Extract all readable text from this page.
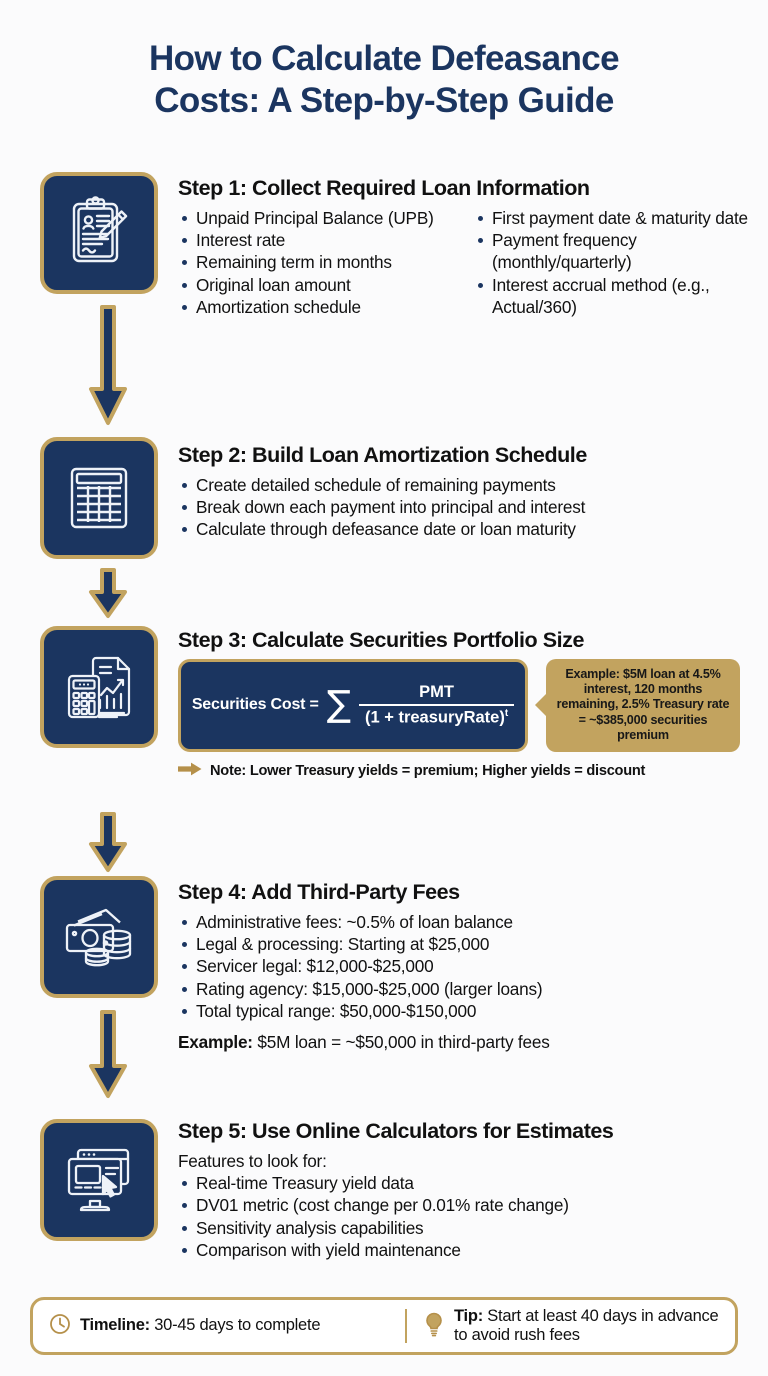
How to Calculate Defeasance
Costs: A Step-by-Step Guide
Step 1: Collect Required Loan Information
Unpaid Principal Balance (UPB)
Interest rate
Remaining term in months
Original loan amount
Amortization schedule
First payment date & maturity date
Payment frequency (monthly/quarterly)
Interest accrual method (e.g., Actual/360)
Step 2: Build Loan Amortization Schedule
Create detailed schedule of remaining payments
Break down each payment into principal and interest
Calculate through defeasance date or loan maturity
Step 3: Calculate Securities Portfolio Size
Securities Cost = ∑ $\frac{\text{PMT}}{(1 + treasuryRate)^t}$
Example: $5M loan at 4.5% interest, 120 months remaining, 2.5% Treasury rate = ~$385,000 securities premium
Note: Lower Treasury yields = premium; Higher yields = discount
Step 4: Add Third-Party Fees
Administrative fees: ~0.5% of loan balance
Legal & processing: Starting at $25,000
Servicer legal: $12,000-$25,000
Rating agency: $15,000-$25,000 (larger loans)
Total typical range: $50,000-$150,000
Example: $5M loan = ~$50,000 in third-party fees
Step 5: Use Online Calculators for Estimates
Features to look for:
Real-time Treasury yield data
DV01 metric (cost change per 0.01% rate change)
Sensitivity analysis capabilities
Comparison with yield maintenance
Timeline: 30-45 days to complete
Tip: Start at least 40 days in advance to avoid rush fees
